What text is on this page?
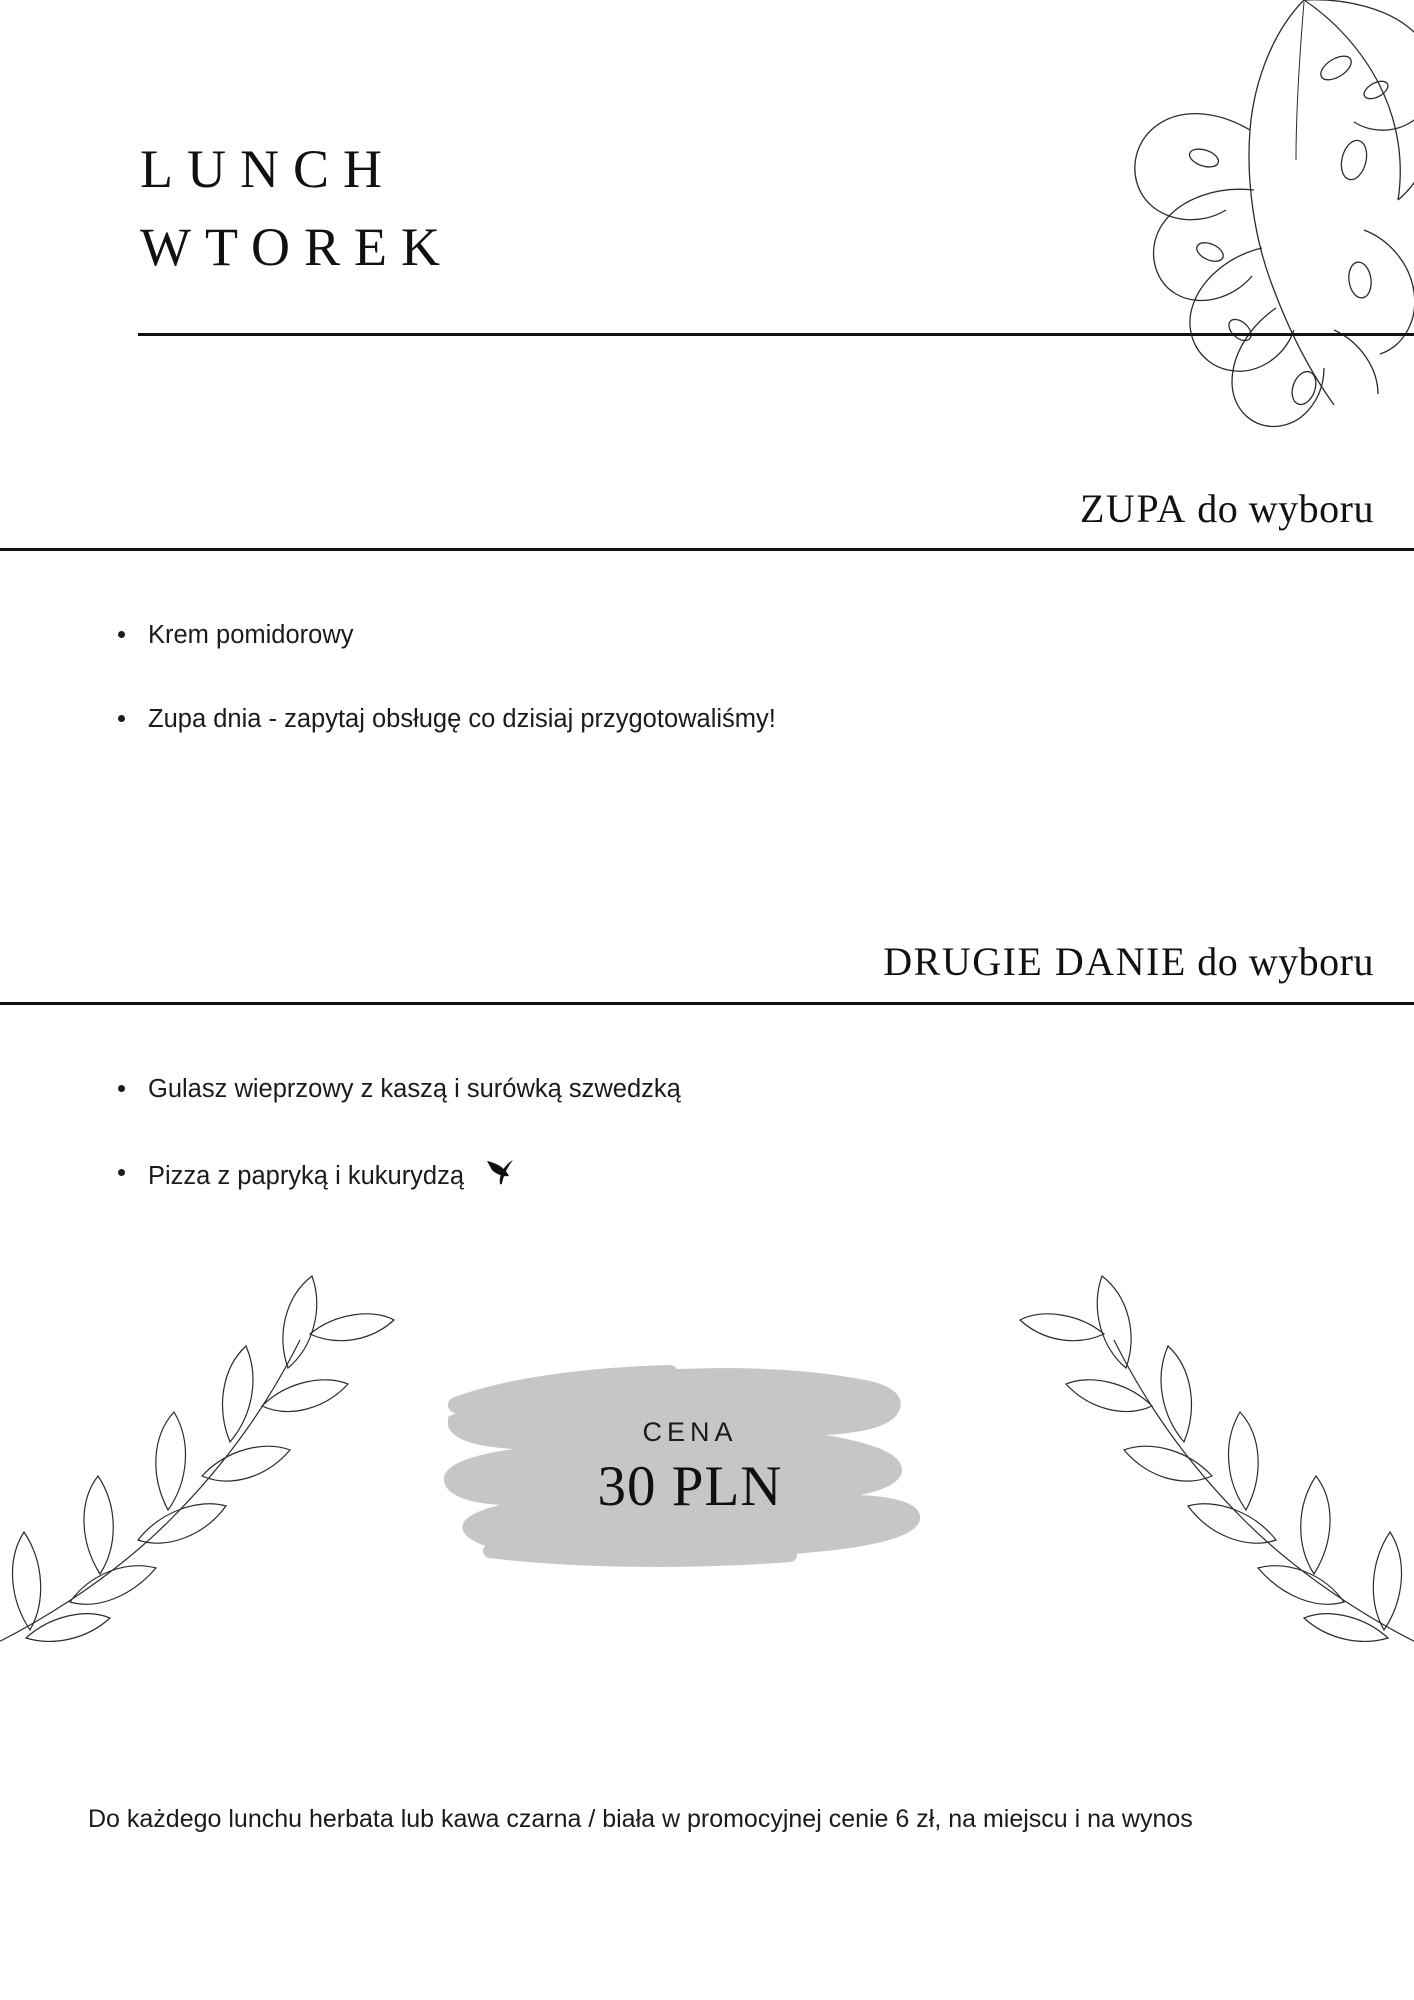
LUNCH
WTOREK
ZUPA do wyboru
Krem pomidorowy
Zupa dnia - zapytaj obsługę co dzisiaj przygotowaliśmy!
DRUGIE DANIE do wyboru
Gulasz wieprzowy z kaszą i surówką szwedzką
Pizza z papryką i kukurydzą
CENA
30 PLN
Do każdego lunchu herbata lub kawa czarna / biała w promocyjnej cenie 6 zł, na miejscu i na wynos
